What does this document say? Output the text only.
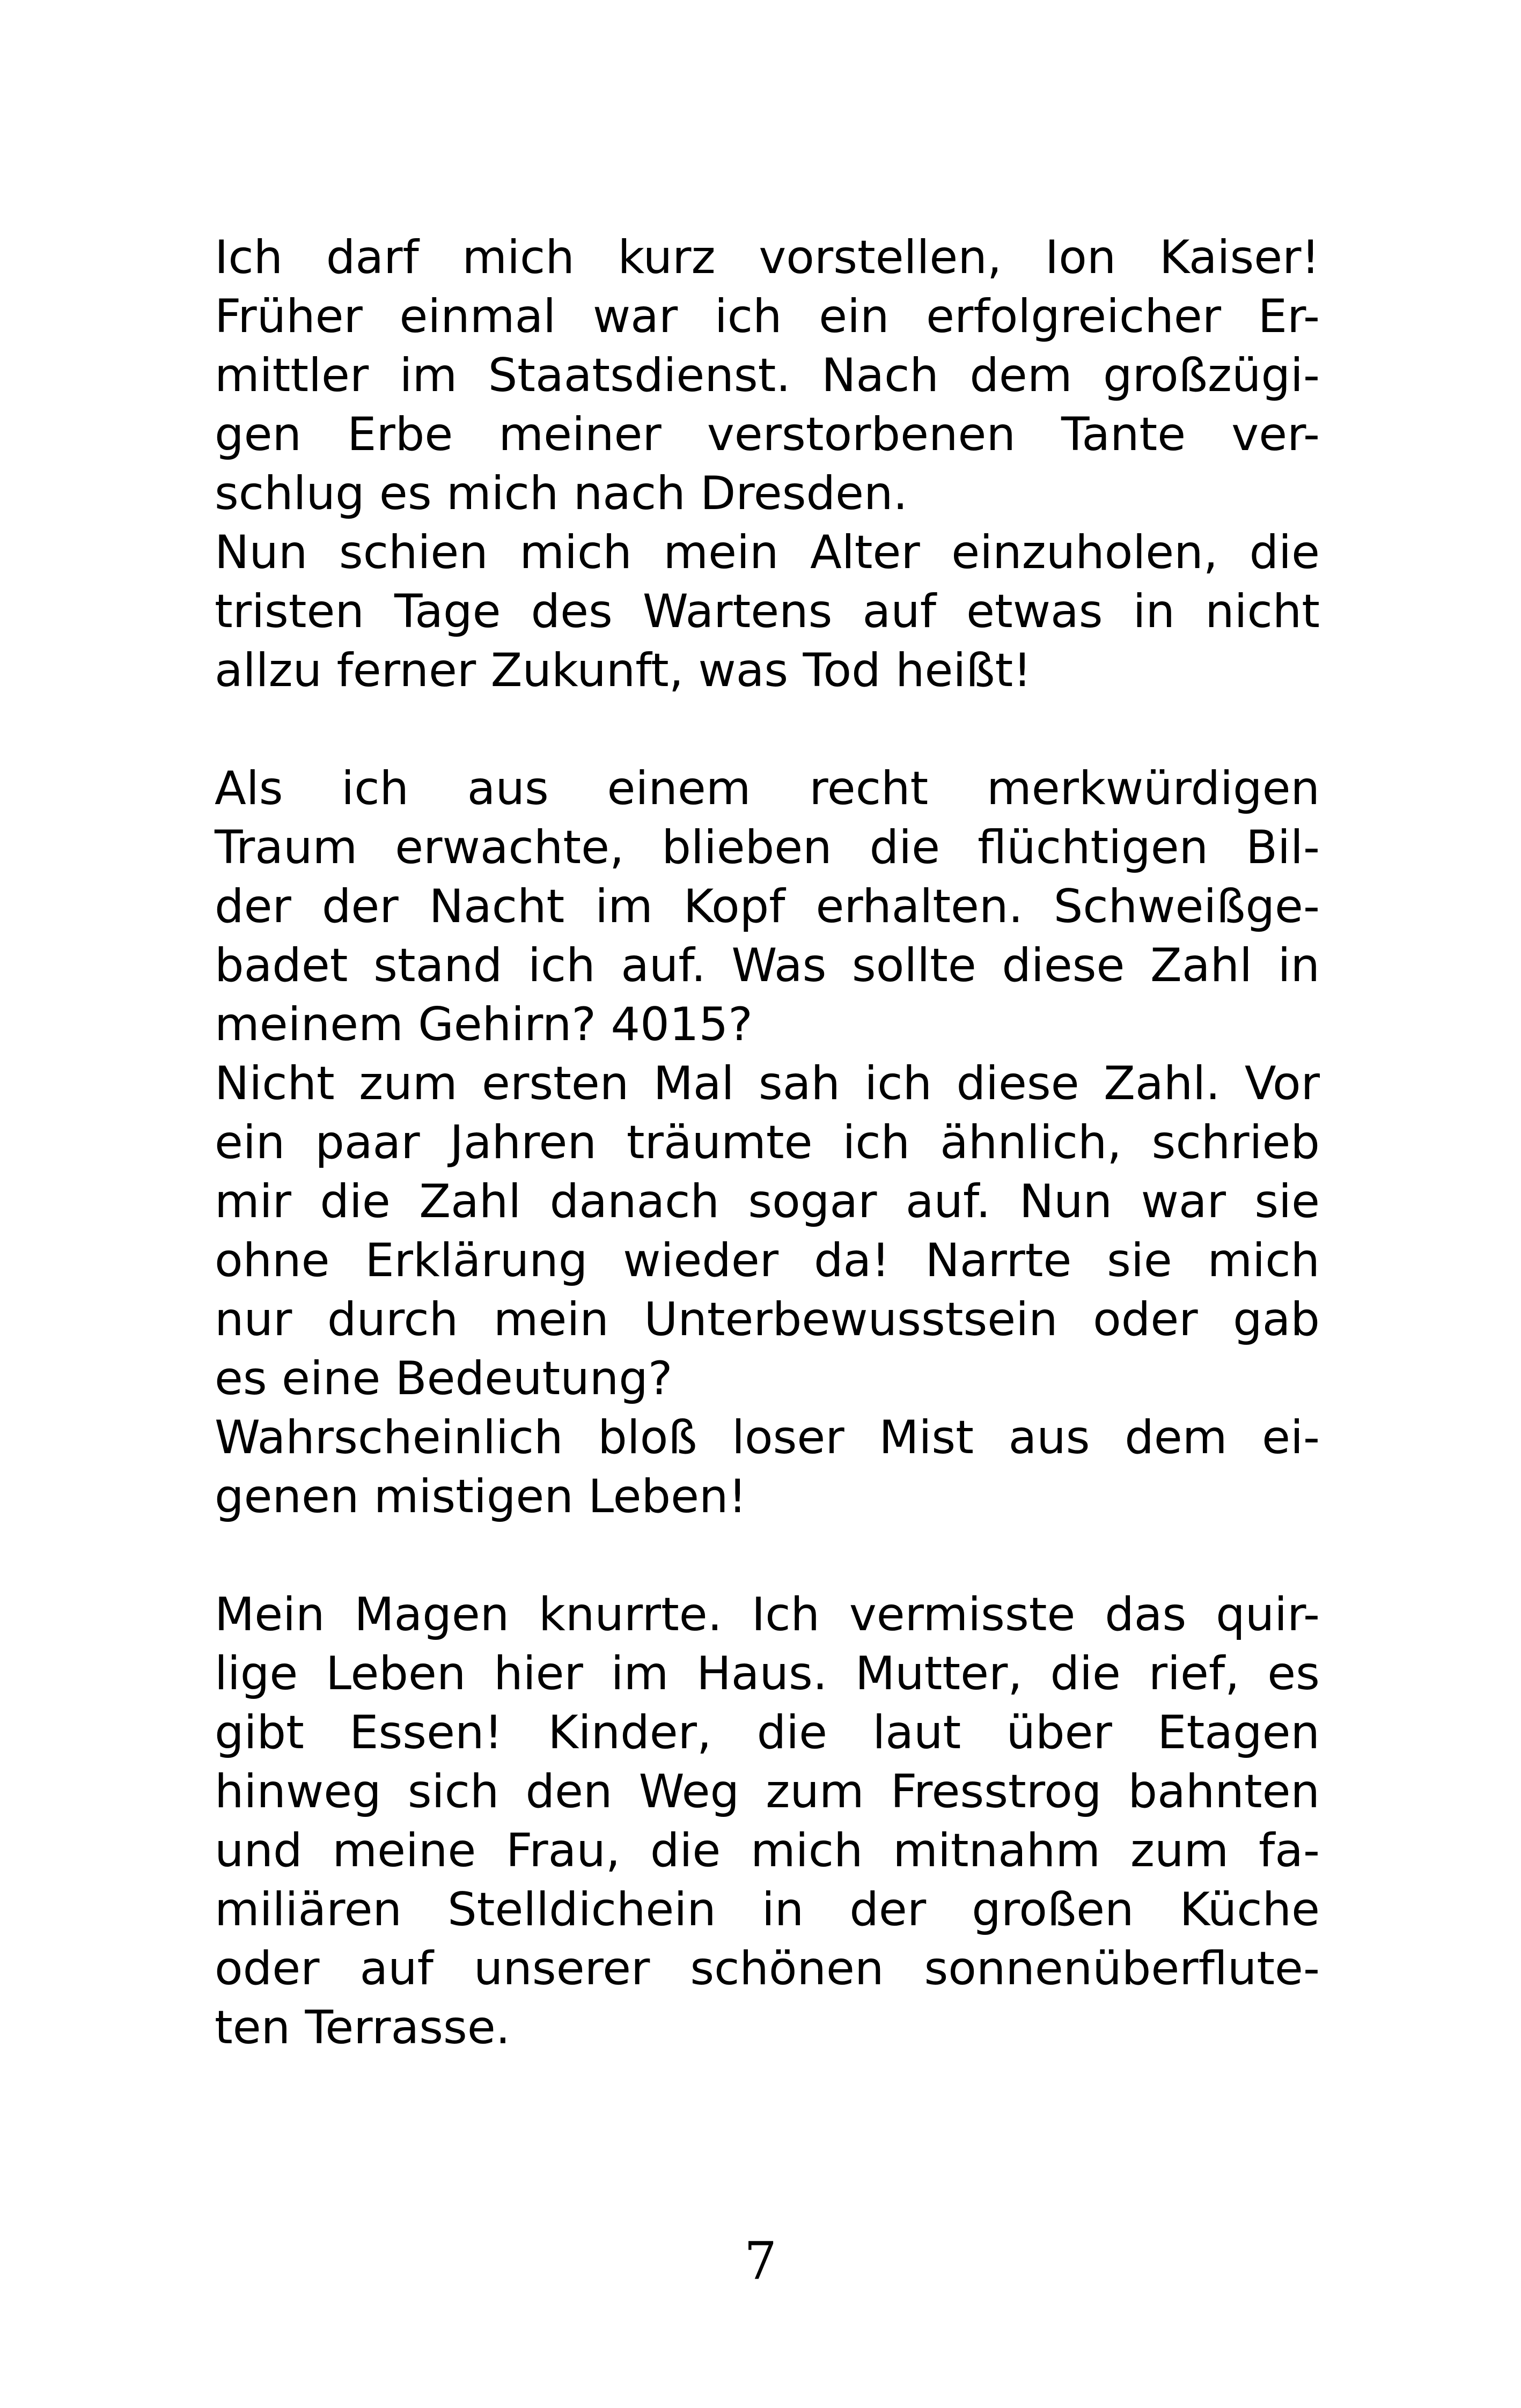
Ich darf mich kurz vorstellen, Ion Kaiser!
Früher einmal war ich ein erfolgreicher Er-
mittler im Staatsdienst. Nach dem großzügi-
gen Erbe meiner verstorbenen Tante ver-
schlug es mich nach Dresden.

Nun schien mich mein Alter einzuholen, die
tristen Tage des Wartens auf etwas in nicht
allzu ferner Zukunft, was Tod heißt!

Als ich aus einem recht merkwürdigen
Traum erwachte, blieben die flüchtigen Bil-
der der Nacht im Kopf erhalten. Schweißge-
badet stand ich auf. Was sollte diese Zahl in
meinem Gehirn? 4015?

Nicht zum ersten Mal sah ich diese Zahl. Vor
ein paar Jahren träumte ich ähnlich, schrieb
mir die Zahl danach sogar auf. Nun war sie
ohne Erklärung wieder da! Narrte sie mich
nur durch mein Unterbewusstsein oder gab
es eine Bedeutung?

Wahrscheinlich bloß loser Mist aus dem ei-
genen mistigen Leben!

Mein Magen knurrte. Ich vermisste das quir-
lige Leben hier im Haus. Mutter, die rief, es
gibt Essen! Kinder, die laut über Etagen
hinweg sich den Weg zum Fresstrog bahnten
und meine Frau, die mich mitnahm zum fa-
miliären Stelldichein in der großen Küche
oder auf unserer schönen sonnenüberflute-
ten Terrasse.

7
